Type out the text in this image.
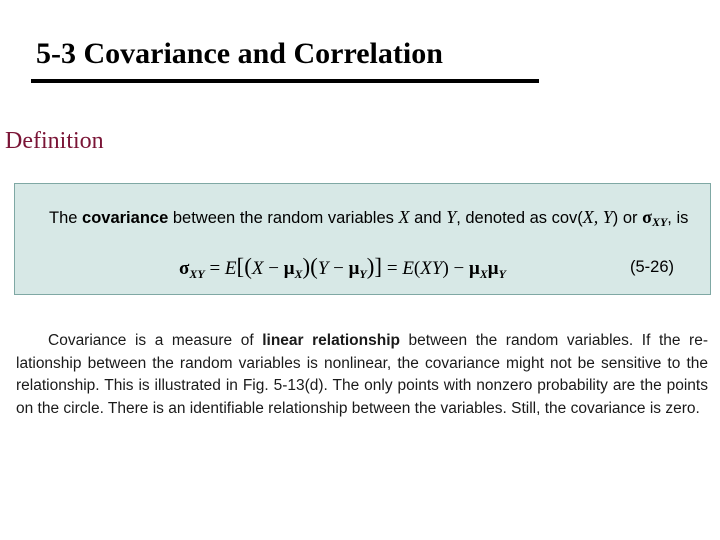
5-3 Covariance and Correlation
Definition
The covariance between the random variables X and Y, denoted as cov(X, Y) or σXY, is
$\sigma_{XY} = E[(X - \mu_X)(Y - \mu_Y)] = E(XY) - \mu_X\mu_Y$	(5-26)
Covariance is a measure of linear relationship between the random variables. If the re-lationship between the random variables is nonlinear, the covariance might not be sensitive to the relationship. This is illustrated in Fig. 5-13(d). The only points with nonzero probability are the points on the circle. There is an identifiable relationship between the variables. Still, the covariance is zero.
